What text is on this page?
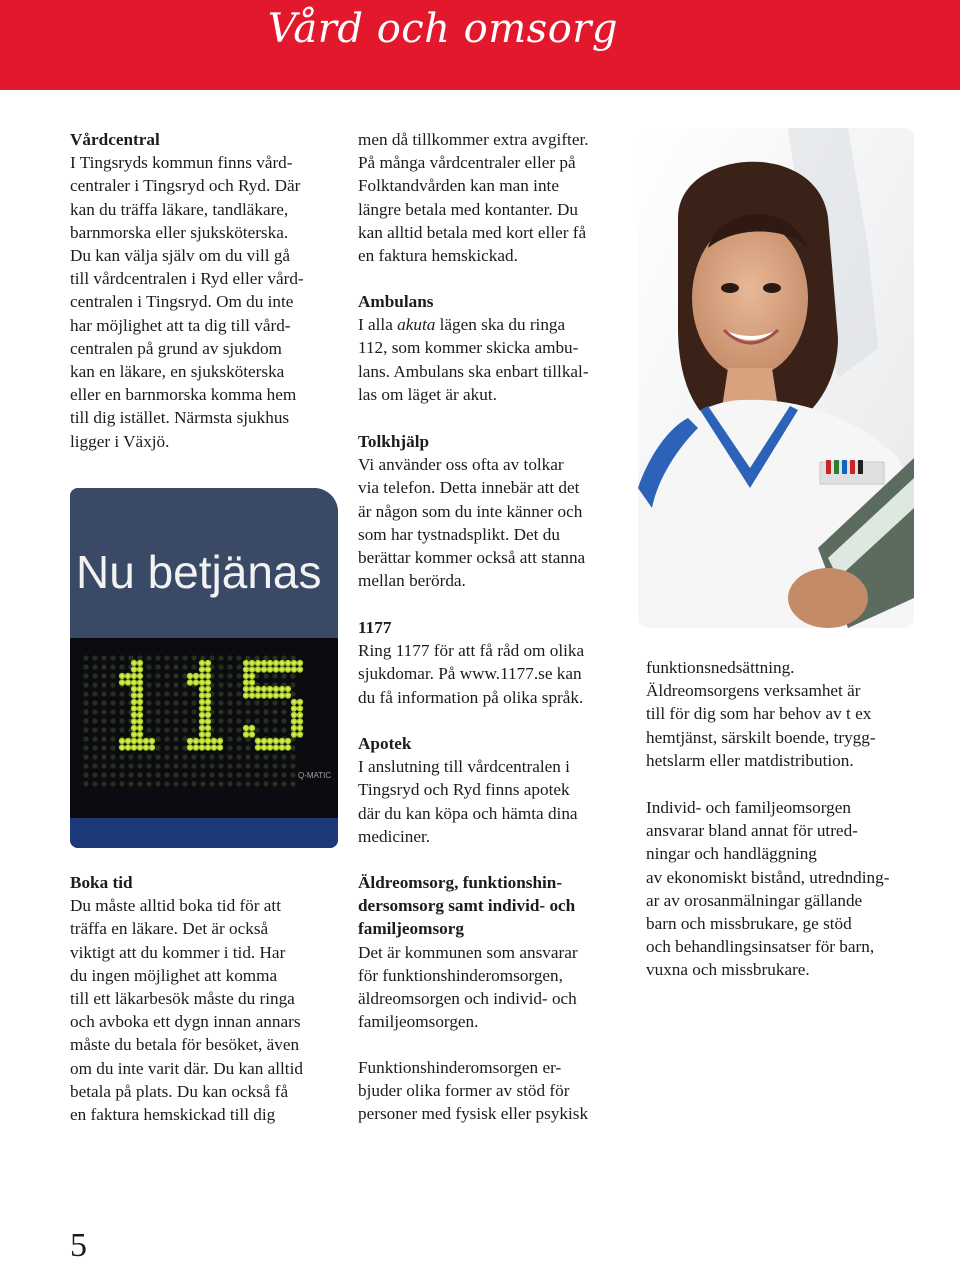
Vård och omsorg
Vårdcentral

I Tingsryds kommun finns vård-

centraler i Tingsryd och Ryd. Där

kan du träffa läkare, tandläkare,

barnmorska eller sjuksköterska.

Du kan välja själv om du vill gå

till vårdcentralen i Ryd eller vård-

centralen i Tingsryd. Om du inte

har möjlighet att ta dig till vård-

centralen på grund av sjukdom

kan en läkare, en sjuksköterska

eller en barnmorska komma hem

till dig istället. Närmsta sjukhus

ligger i Växjö.

Nu betjänas
Q-MATIC
Boka tid

Du måste alltid boka tid för att

träffa en läkare. Det är också

viktigt att du kommer i tid. Har

du ingen möjlighet att komma

till ett läkarbesök måste du ringa

och avboka ett dygn innan annars

måste du betala för besöket, även

om du inte varit där. Du kan alltid

betala på plats. Du kan också få

en faktura hemskickad till dig

men då tillkommer extra avgifter.

På många vårdcentraler eller på

Folktandvården kan man inte

längre betala med kontanter. Du

kan alltid betala med kort eller få

en faktura hemskickad.

Ambulans

I alla akuta lägen ska du ringa

112, som kommer skicka ambu-

lans. Ambulans ska enbart tillkal-

las om läget är akut.

Tolkhjälp

Vi använder oss ofta av tolkar

via telefon. Detta innebär att det

är någon som du inte känner och

som har tystnadsplikt. Det du

berättar kommer också att stanna

mellan berörda.

1177

Ring 1177 för att få råd om olika

sjukdomar. På www.1177.se kan

du få information på olika språk.

Apotek

I anslutning till vårdcentralen i

Tingsryd och Ryd finns apotek

där du kan köpa och hämta dina

mediciner.

Äldreomsorg, funktionshin-
dersomsorg samt individ- och
familjeomsorg

Det är kommunen som ansvarar

för funktionshinderomsorgen,

äldreomsorgen och individ- och

familjeomsorgen.

Funktionshinderomsorgen er-

bjuder olika former av stöd för

personer med fysisk eller psykisk

funktionsnedsättning.

Äldreomsorgens verksamhet är

till för dig som har behov av t ex

hemtjänst, särskilt boende, trygg-

hetslarm eller matdistribution.

Individ- och familjeomsorgen

ansvarar bland annat för utred-

ningar och handläggning

av ekonomiskt bistånd, utrednding-

ar av orosanmälningar gällande

barn och missbrukare, ge stöd

och behandlingsinsatser för barn,

vuxna och missbrukare.

5
